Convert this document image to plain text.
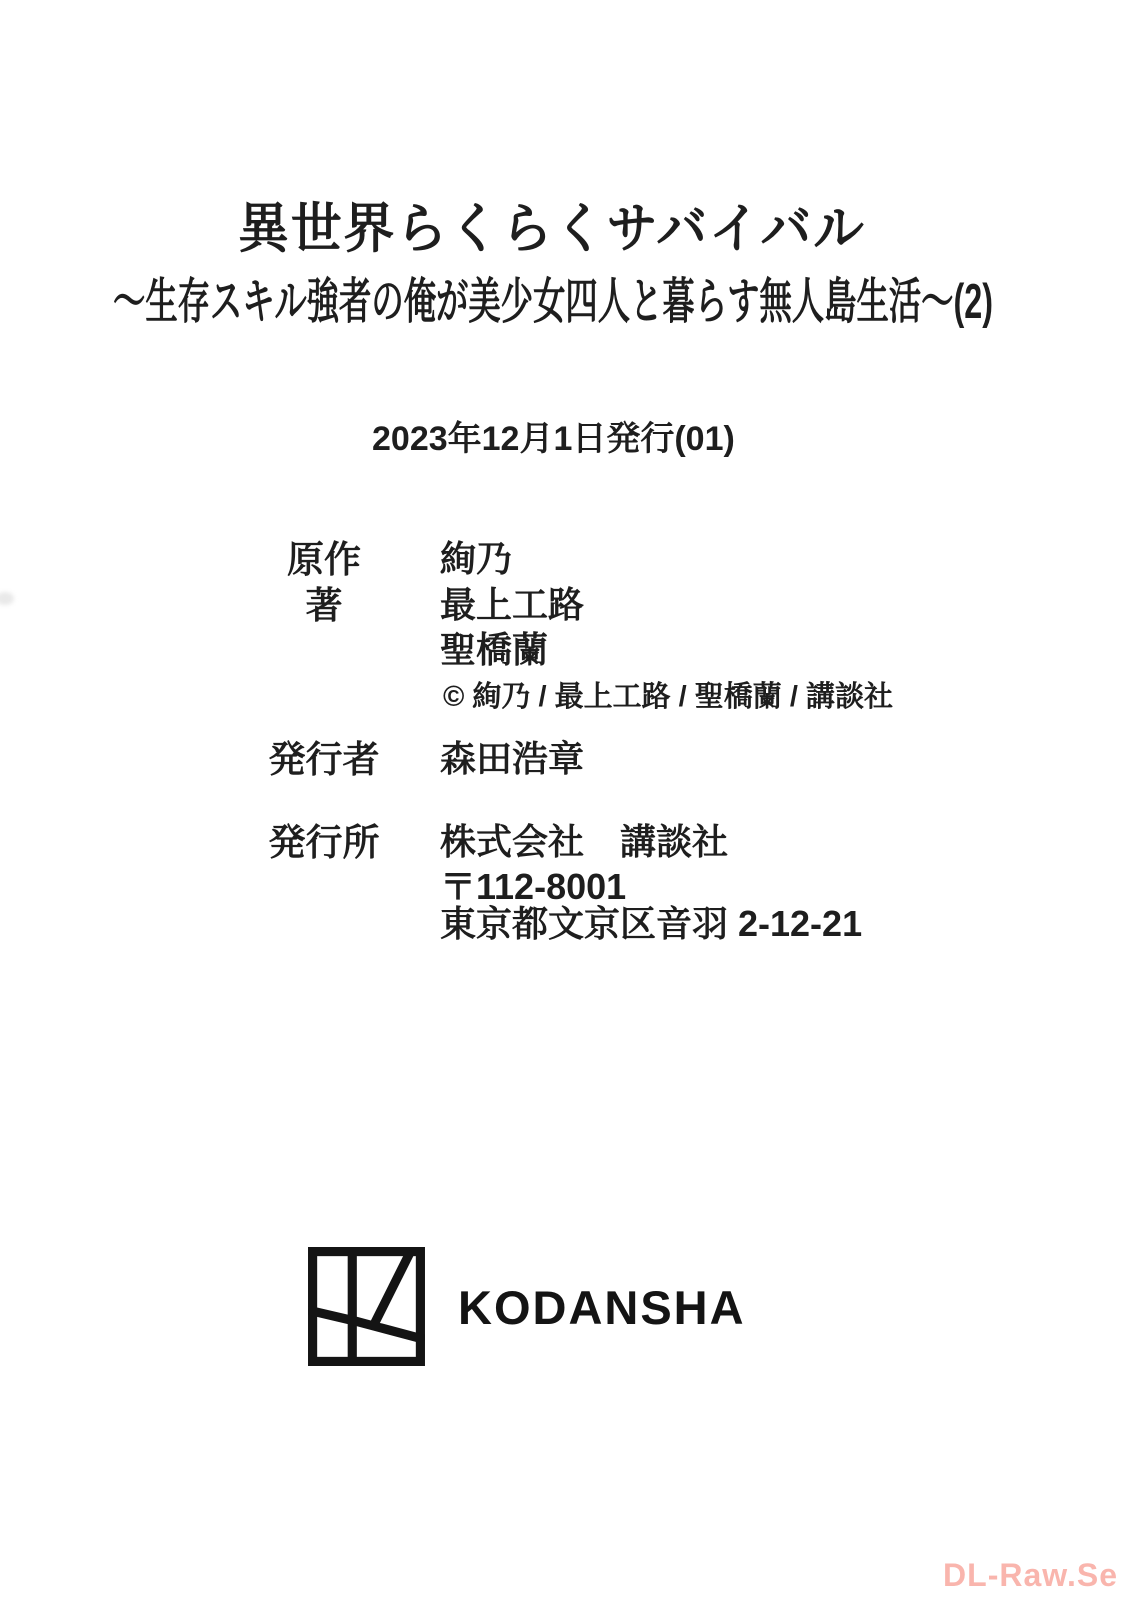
異世界らくらくサバイバル
～生存スキル強者の俺が美少女四人と暮らす無人島生活～(2)
2023年12月1日発行(01)
原作	絢乃
著	最上工路
聖橋蘭
© 絢乃 / 最上工路 / 聖橋蘭 / 講談社
発行者 森田浩章
発行所 株式会社　講談社
〒112-8001
東京都文京区音羽 2-12-21
KODANSHA
DL-Raw.Se
